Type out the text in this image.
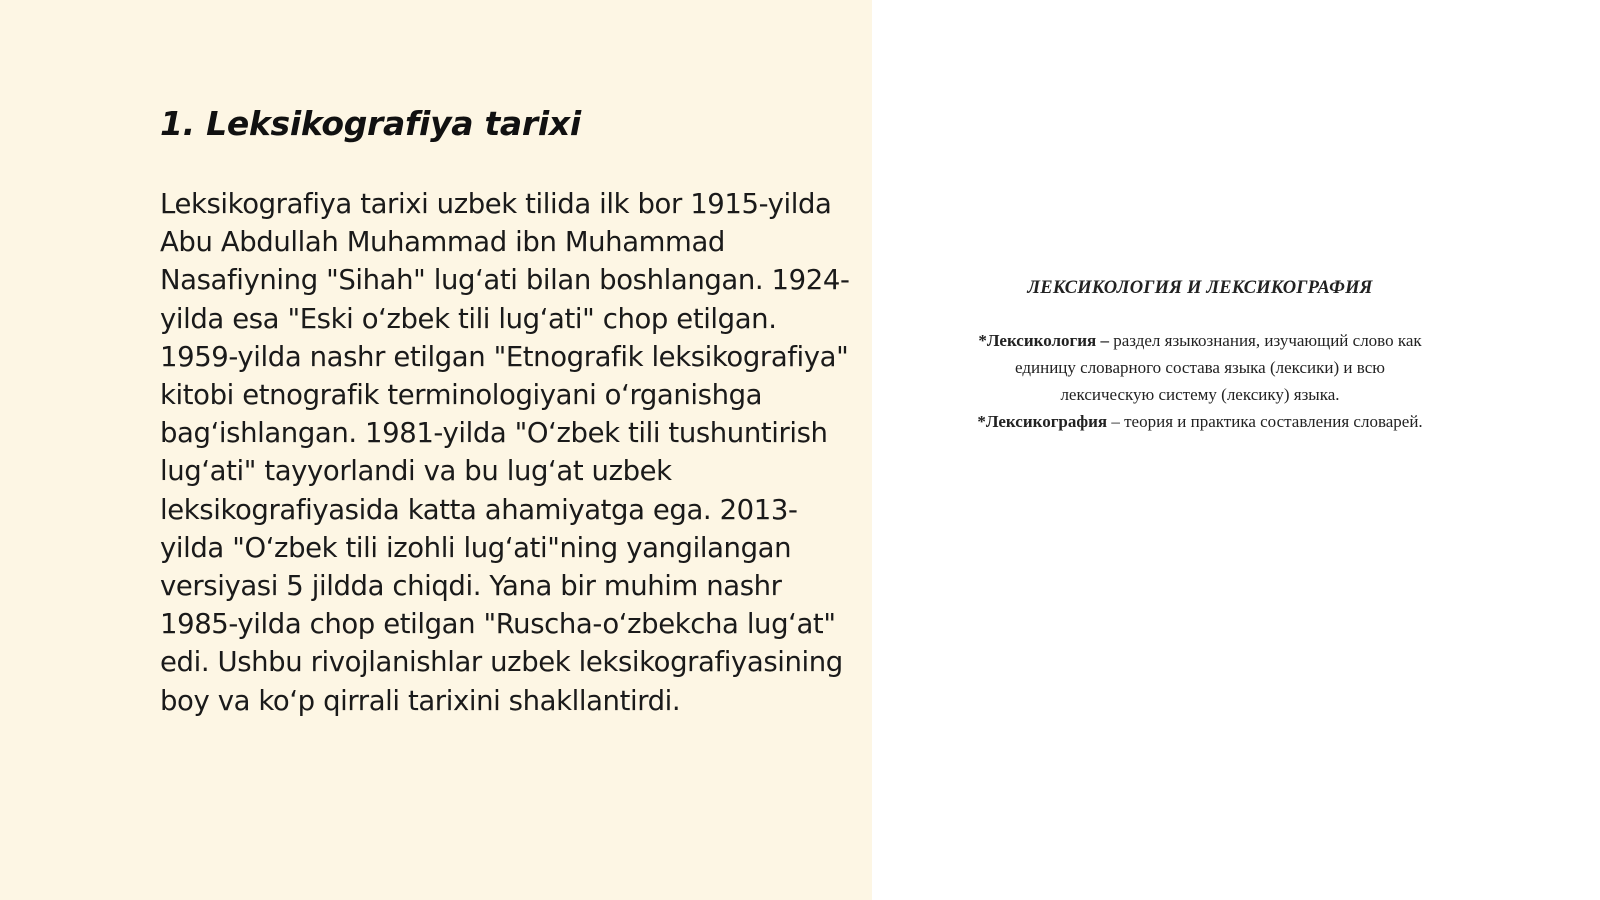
1. Leksikografiya tarixi

Leksikografiya tarixi uzbek tilida ilk bor 1915-yilda Abu Abdullah Muhammad ibn Muhammad Nasafiyning "Sihah" lug‘ati bilan boshlangan. 1924-yilda esa "Eski o‘zbek tili lug‘ati" chop etilgan. 1959-yilda nashr etilgan "Etnografik leksikografiya" kitobi etnografik terminologiyani o‘rganishga bag‘ishlangan. 1981-yilda "O‘zbek tili tushuntirish lug‘ati" tayyorlandi va bu lug‘at uzbek leksikografiyasida katta ahamiyatga ega. 2013-yilda "O‘zbek tili izohli lug‘ati"ning yangilangan versiyasi 5 jildda chiqdi. Yana bir muhim nashr 1985-yilda chop etilgan "Ruscha-o‘zbekcha lug‘at" edi. Ushbu rivojlanishlar uzbek leksikografiyasining boy va ko‘p qirrali tarixini shakllantirdi.

ЛЕКСИКОЛОГИЯ И ЛЕКСИКОГРАФИЯ

*Лексикология – раздел языкознания, изучающий слово как единицу словарного состава языка (лексики) и всю лексическую систему (лексику) языка.

*Лексикография – теория и практика составления словарей.
